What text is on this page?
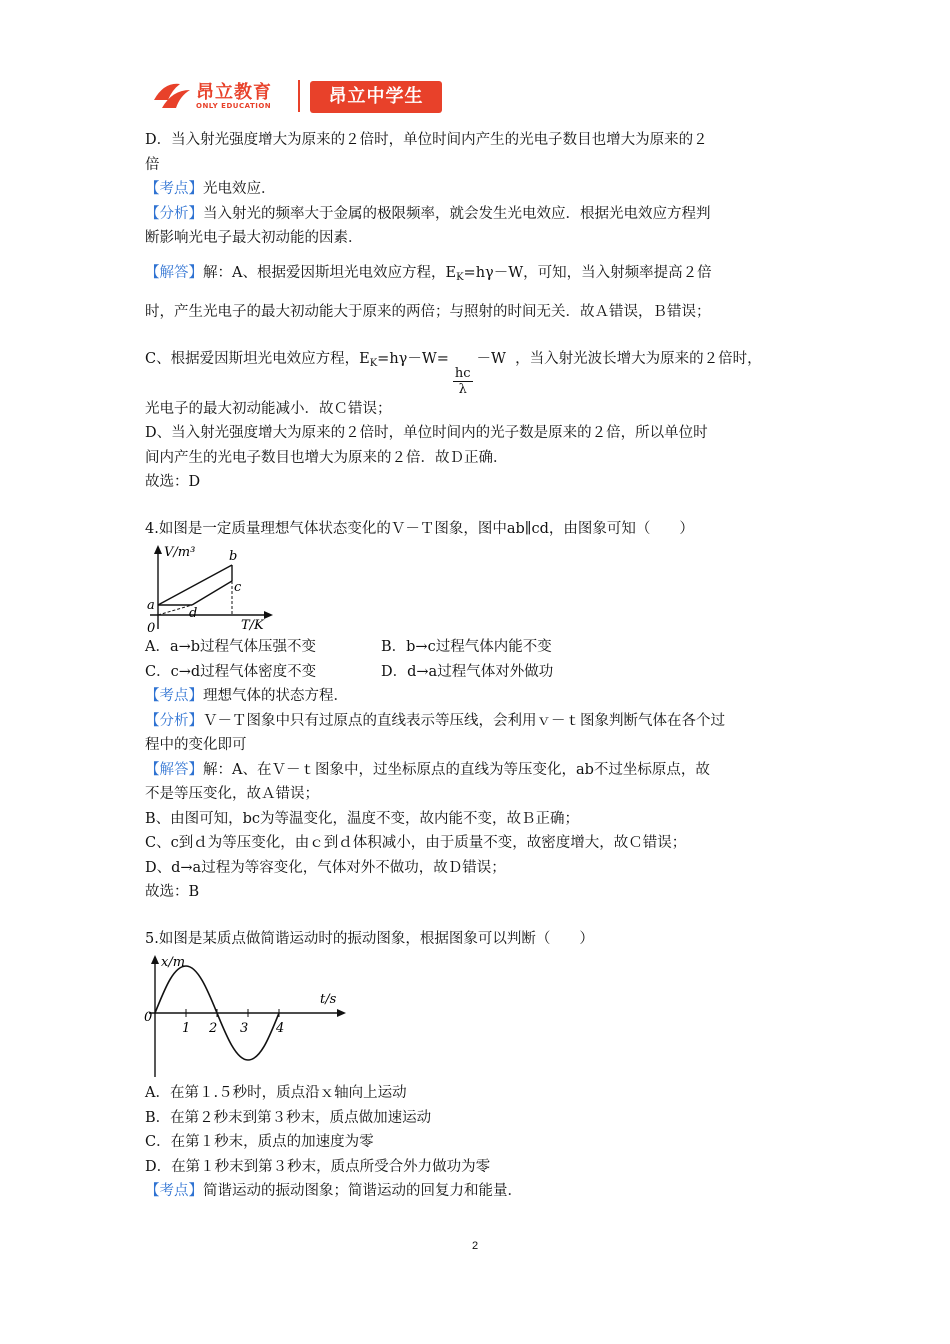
昂立教育
ONLY EDUCATION	昂立中学生
D．当入射光强度增大为原来的２倍时，单位时间内产生的光电子数目也增大为原来的２
倍
【考点】光电效应．
【分析】当入射光的频率大于金属的极限频率，就会发生光电效应．根据光电效应方程判
断影响光电子最大初动能的因素．
【解答】解：A、根据爱因斯坦光电效应方程，$E_K=h\gamma-W$，可知，当入射频率提高２倍
时，产生光电子的最大初动能大于原来的两倍；与照射的时间无关．故Ａ错误，Ｂ错误；
C、根据爱因斯坦光电效应方程，$E_K=h\gamma-W=$
$\frac{hc}{\lambda}$
－W ，当入射光波长增大为原来的２倍时，
光电子的最大初动能减小．故Ｃ错误；
D、当入射光强度增大为原来的２倍时，单位时间内的光子数是原来的２倍，所以单位时
间内产生的光电子数目也增大为原来的２倍．故Ｄ正确．
故选：D
4.如图是一定质量理想气体状态变化的Ｖ－Ｔ图象，图中ab∥cd，由图象可知（　　）
V/m³
T/K
0
a
b
c
d
A．a→b过程气体压强不变	B．b→c过程气体内能不变
C．c→d过程气体密度不变	D．d→a过程气体对外做功
【考点】理想气体的状态方程．
【分析】Ｖ－Ｔ图象中只有过原点的直线表示等压线，会利用ｖ－ｔ图象判断气体在各个过
程中的变化即可
【解答】解：A、在Ｖ－ｔ图象中，过坐标原点的直线为等压变化，ab不过坐标原点，故
不是等压变化，故Ａ错误；
B、由图可知，bc为等温变化，温度不变，故内能不变，故Ｂ正确；
C、c到ｄ为等压变化，由ｃ到ｄ体积减小，由于质量不变，故密度增大，故Ｃ错误；
D、d→a过程为等容变化，气体对外不做功，故Ｄ错误；
故选：B
5.如图是某质点做简谐运动时的振动图象，根据图象可以判断（　　）
x/m
t/s
0
1 2 3 4
A．在第１.５秒时，质点沿ｘ轴向上运动
B．在第２秒末到第３秒末，质点做加速运动
C．在第１秒末，质点的加速度为零
D．在第１秒末到第３秒末，质点所受合外力做功为零
【考点】简谐运动的振动图象；简谐运动的回复力和能量．
2
